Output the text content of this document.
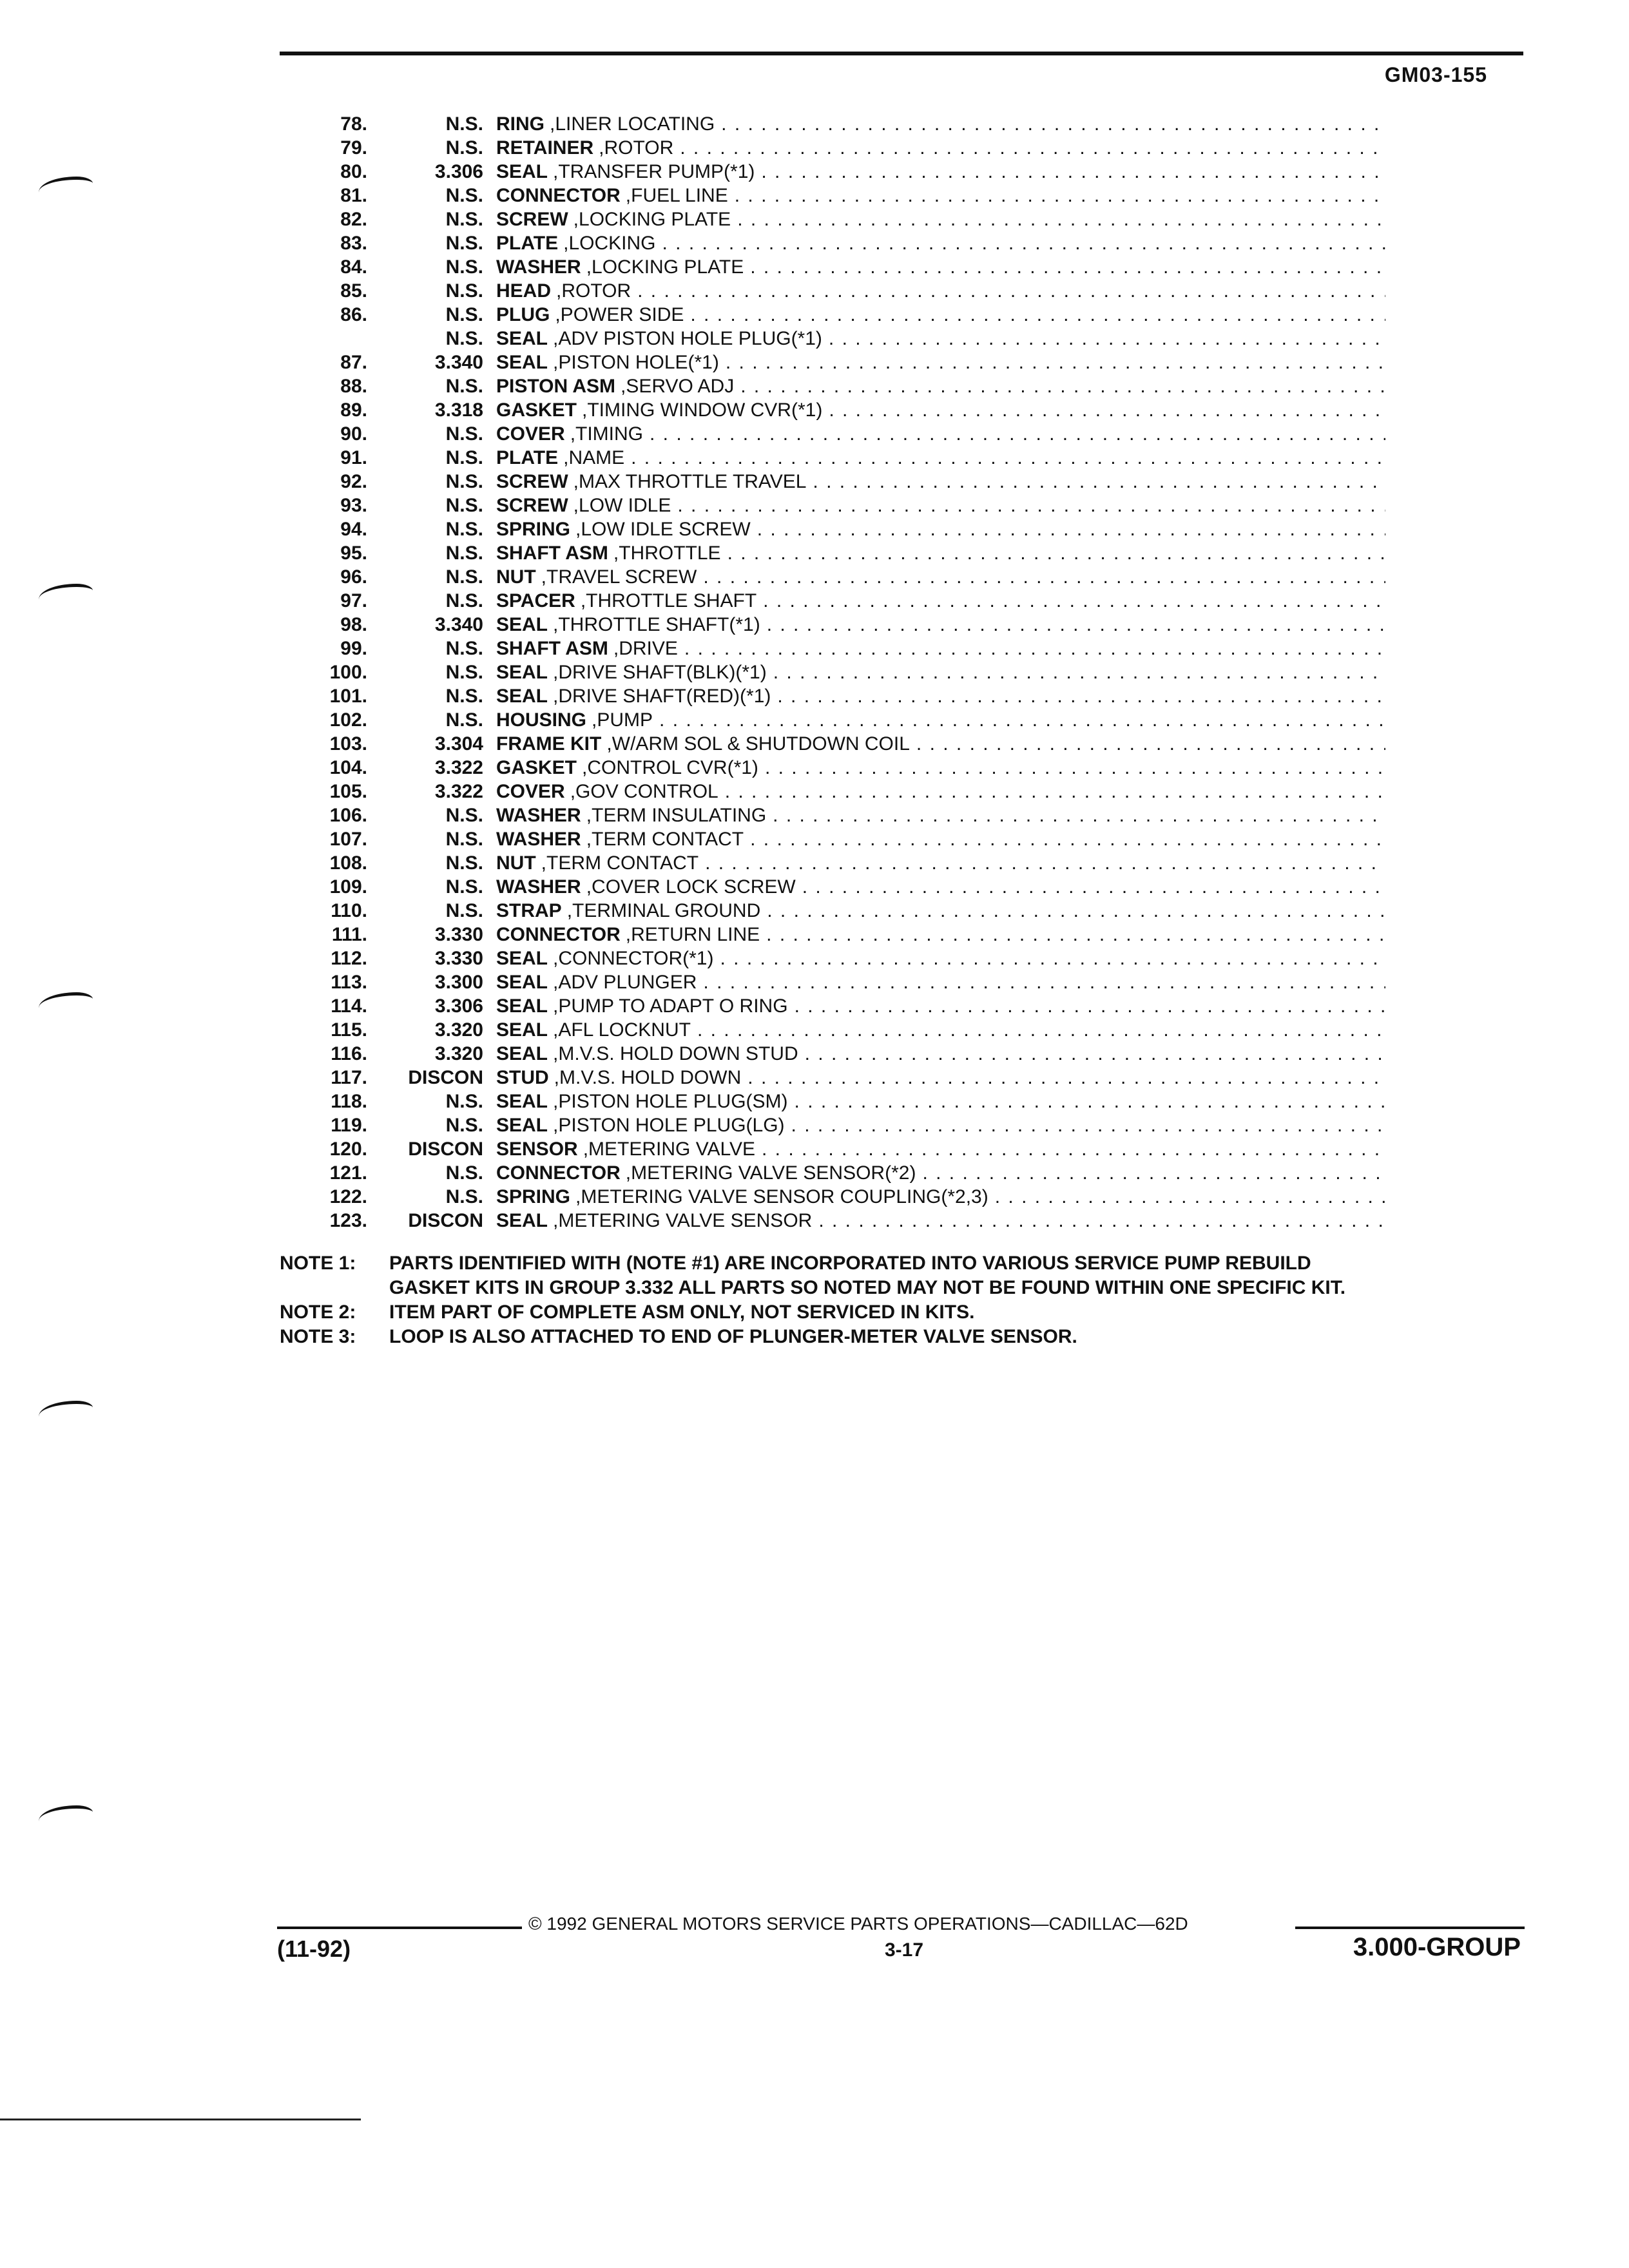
GM03-155
78.	N.S. RING ,LINER LOCATING
. . .
79.	N.S. RETAINER ,ROTOR
. . .
80.	3.306 SEAL ,TRANSFER PUMP(*1)
. . .
81.	N.S. CONNECTOR ,FUEL LINE
. . .
82.	N.S. SCREW ,LOCKING PLATE
. . .
83.	N.S. PLATE ,LOCKING
. . .
84.	N.S. WASHER ,LOCKING PLATE
. . .
85.	N.S. HEAD ,ROTOR
. . .
86.	N.S. PLUG ,POWER SIDE
. . .
N.S. SEAL ,ADV PISTON HOLE PLUG(*1)
. . .
87.	3.340 SEAL ,PISTON HOLE(*1)
. . .
88.	N.S. PISTON ASM ,SERVO ADJ
. . .
89.	3.318 GASKET ,TIMING WINDOW CVR(*1)
. . .
90.	N.S. COVER ,TIMING
. . .
91.	N.S. PLATE ,NAME
. . .
92.	N.S. SCREW ,MAX THROTTLE TRAVEL
. . .
93.	N.S. SCREW ,LOW IDLE
. . .
94.	N.S. SPRING ,LOW IDLE SCREW
. . .
95.	N.S. SHAFT ASM ,THROTTLE
. . .
96.	N.S. NUT ,TRAVEL SCREW
. . .
97.	N.S. SPACER ,THROTTLE SHAFT
. . .
98.	3.340 SEAL ,THROTTLE SHAFT(*1)
. . .
99.	N.S. SHAFT ASM ,DRIVE
. . .
100.	N.S. SEAL ,DRIVE SHAFT(BLK)(*1)
. . .
101.	N.S. SEAL ,DRIVE SHAFT(RED)(*1)
. . .
102.	N.S. HOUSING ,PUMP
. . .
103.	3.304 FRAME KIT ,W/ARM SOL & SHUTDOWN COIL
. . .
104.	3.322 GASKET ,CONTROL CVR(*1)
. . .
105.	3.322 COVER ,GOV CONTROL
. . .
106.	N.S. WASHER ,TERM INSULATING
. . .
107.	N.S. WASHER ,TERM CONTACT
. . .
108.	N.S. NUT ,TERM CONTACT
. . .
109.	N.S. WASHER ,COVER LOCK SCREW
. . .
110.	N.S. STRAP ,TERMINAL GROUND
. . .
111.	3.330 CONNECTOR ,RETURN LINE
. . .
112.	3.330 SEAL ,CONNECTOR(*1)
. . .
113.	3.300 SEAL ,ADV PLUNGER
. . .
114.	3.306 SEAL ,PUMP TO ADAPT O RING
. . .
115.	3.320 SEAL ,AFL LOCKNUT
. . .
116.	3.320 SEAL ,M.V.S. HOLD DOWN STUD
. . .
117.	DISCON STUD ,M.V.S. HOLD DOWN
. . .
118.	N.S. SEAL ,PISTON HOLE PLUG(SM)
. . .
119.	N.S. SEAL ,PISTON HOLE PLUG(LG)
. . .
120.	DISCON SENSOR ,METERING VALVE
. . .
121.	N.S. CONNECTOR ,METERING VALVE SENSOR(*2)
. . .
122.	N.S. SPRING ,METERING VALVE SENSOR COUPLING(*2,3)
. . .
123.	DISCON SEAL ,METERING VALVE SENSOR
. . .
NOTE 1:	PARTS IDENTIFIED WITH (NOTE #1) ARE INCORPORATED INTO VARIOUS SERVICE PUMP REBUILD
GASKET KITS IN GROUP 3.332 ALL PARTS SO NOTED MAY NOT BE FOUND WITHIN ONE SPECIFIC KIT.
NOTE 2:	ITEM PART OF COMPLETE ASM ONLY, NOT SERVICED IN KITS.
NOTE 3:	LOOP IS ALSO ATTACHED TO END OF PLUNGER-METER VALVE SENSOR.
© 1992 GENERAL MOTORS SERVICE PARTS OPERATIONS—CADILLAC—62D
(11-92)	3-17	3.000-GROUP
